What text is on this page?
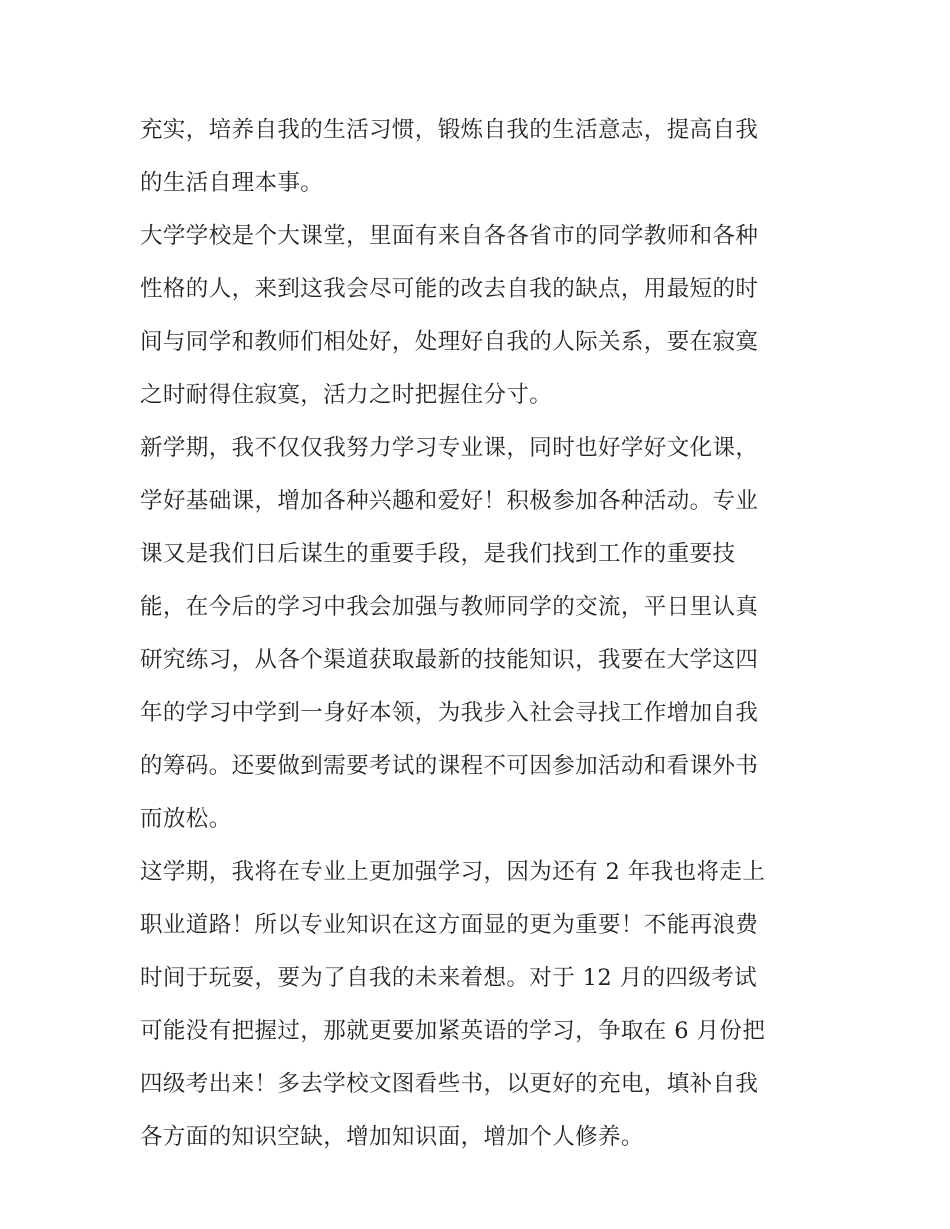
充实，培养自我的生活习惯，锻炼自我的生活意志，提高自我
的生活自理本事。
大学学校是个大课堂，里面有来自各各省市的同学教师和各种
性格的人，来到这我会尽可能的改去自我的缺点，用最短的时
间与同学和教师们相处好，处理好自我的人际关系，要在寂寞
之时耐得住寂寞，活力之时把握住分寸。
新学期，我不仅仅我努力学习专业课，同时也好学好文化课，
学好基础课，增加各种兴趣和爱好！积极参加各种活动。专业
课又是我们日后谋生的重要手段，是我们找到工作的重要技
能，在今后的学习中我会加强与教师同学的交流，平日里认真
研究练习，从各个渠道获取最新的技能知识，我要在大学这四
年的学习中学到一身好本领，为我步入社会寻找工作增加自我
的筹码。还要做到需要考试的课程不可因参加活动和看课外书
而放松。
这学期，我将在专业上更加强学习，因为还有 2 年我也将走上
职业道路！所以专业知识在这方面显的更为重要！不能再浪费
时间于玩耍，要为了自我的未来着想。对于 12 月的四级考试
可能没有把握过，那就更要加紧英语的学习，争取在 6 月份把
四级考出来！多去学校文图看些书，以更好的充电，填补自我
各方面的知识空缺，增加知识面，增加个人修养。
